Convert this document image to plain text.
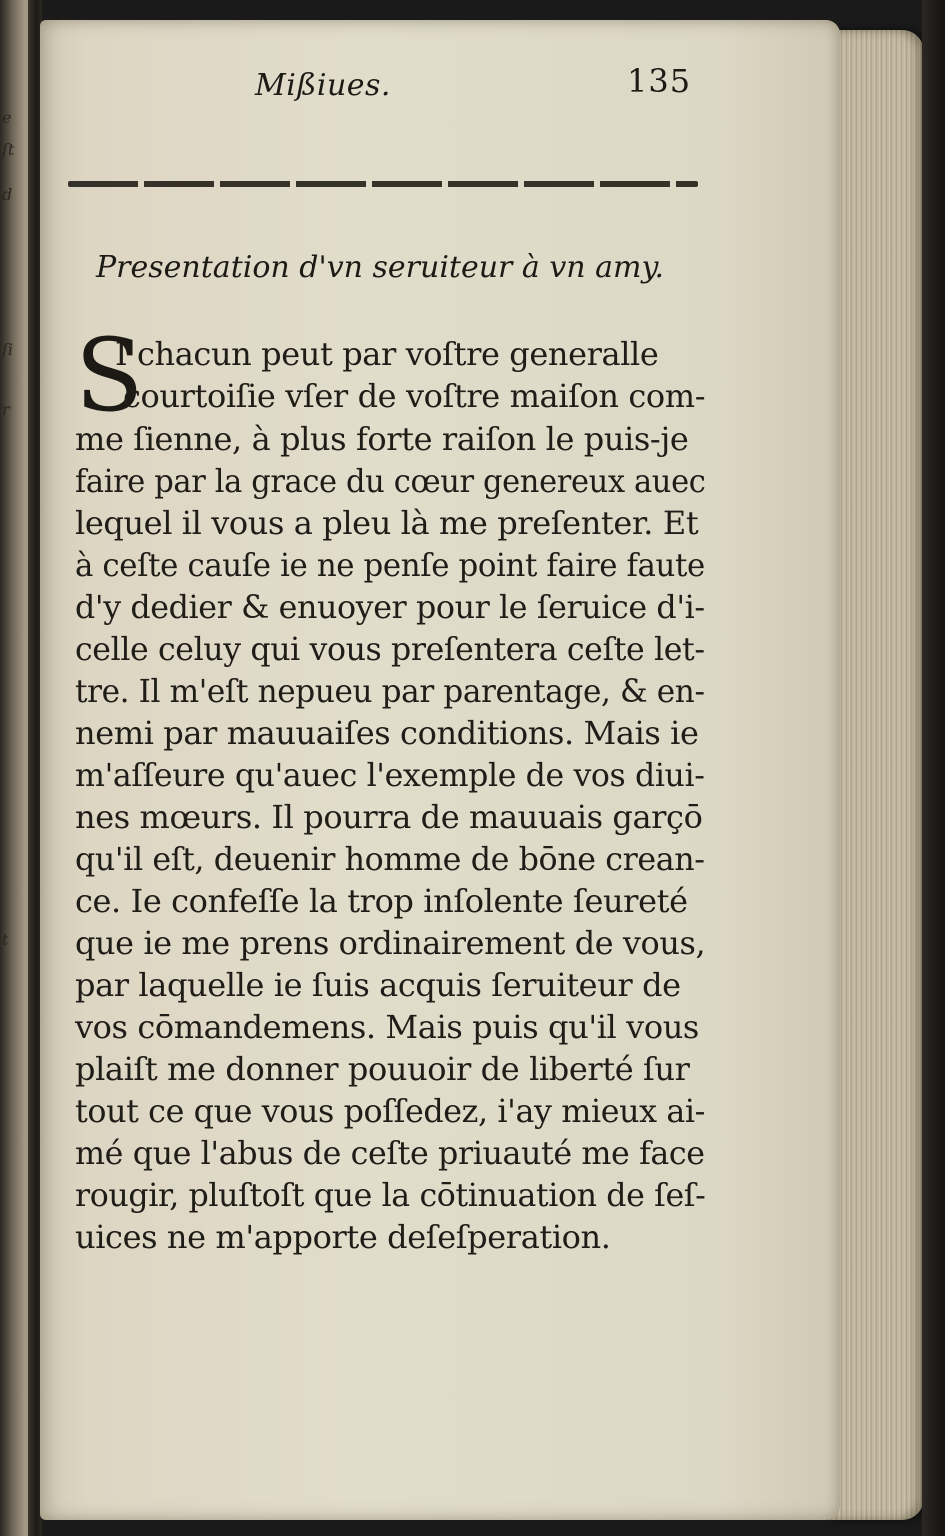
e
ſt
d
ſi
r
t
Mißiues.	135
Presentation d'vn seruiteur à vn amy.
S
I chacun peut par voſtre generalle
courtoiſie vſer de voſtre maiſon com-
me ſienne, à plus forte raiſon le puis-je
faire par la grace du cœur genereux auec
lequel il vous a pleu là me preſenter. Et
à ceſte cauſe ie ne penſe point faire faute
d'y dedier & enuoyer pour le ſeruice d'i-
celle celuy qui vous preſentera ceſte let-
tre. Il m'eſt nepueu par parentage, & en-
nemi par mauuaiſes conditions. Mais ie
m'aſſeure qu'auec l'exemple de vos diui-
nes mœurs. Il pourra de mauuais garçō
qu'il eſt, deuenir homme de bōne crean-
ce. Ie confeſſe la trop inſolente ſeureté
que ie me prens ordinairement de vous,
par laquelle ie ſuis acquis ſeruiteur de
vos cōmandemens. Mais puis qu'il vous
plaiſt me donner pouuoir de liberté ſur
tout ce que vous poſſedez, i'ay mieux ai-
mé que l'abus de ceſte priuauté me face
rougir, pluſtoſt que la cōtinuation de ſeſ-
uices ne m'apporte deſeſperation.
